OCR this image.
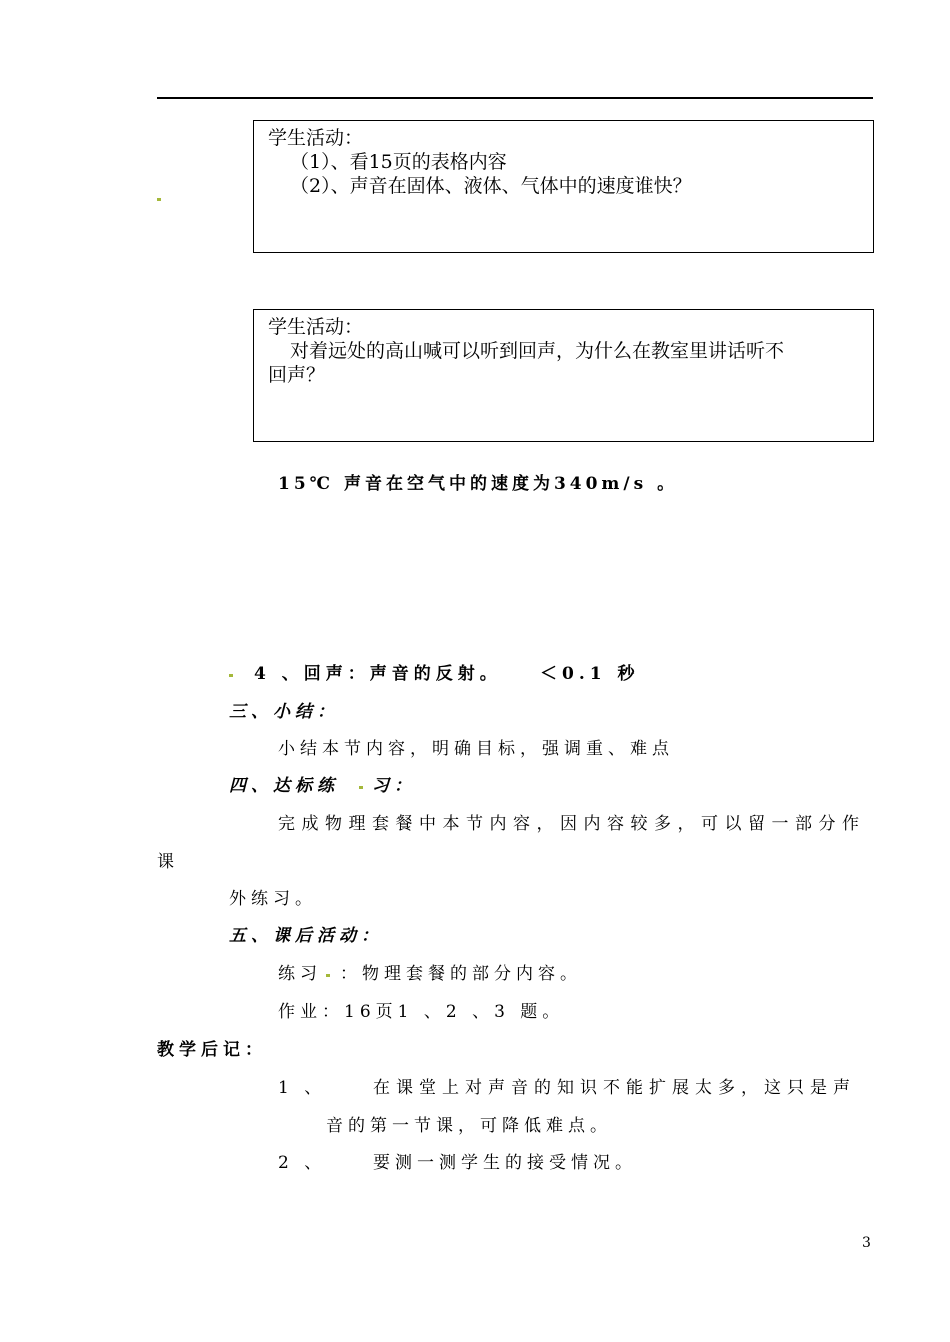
学生活动：
（1）、看15页的表格内容
（2）、声音在固体、液体、气体中的速度谁快？
学生活动：
对着远处的高山喊可以听到回声，为什么在教室里讲话听不
回声？
15℃ 声音在空气中的速度为340m/s 。
4 、回声：声音的反射。 ＜0.1 秒
三、小结：
小结本节内容，明确目标，强调重、难点
四、达标练 习：
完成物理套餐中本节内容，因内容较多，可以留一部分作
课
外练习。
五、课后活动：
练习 ：物理套餐的部分内容。
作业：16页1 、2 、3 题。
教学后记：
1 、	在课堂上对声音的知识不能扩展太多，这只是声
音的第一节课，可降低难点。
2 、	要测一测学生的接受情况。
3
